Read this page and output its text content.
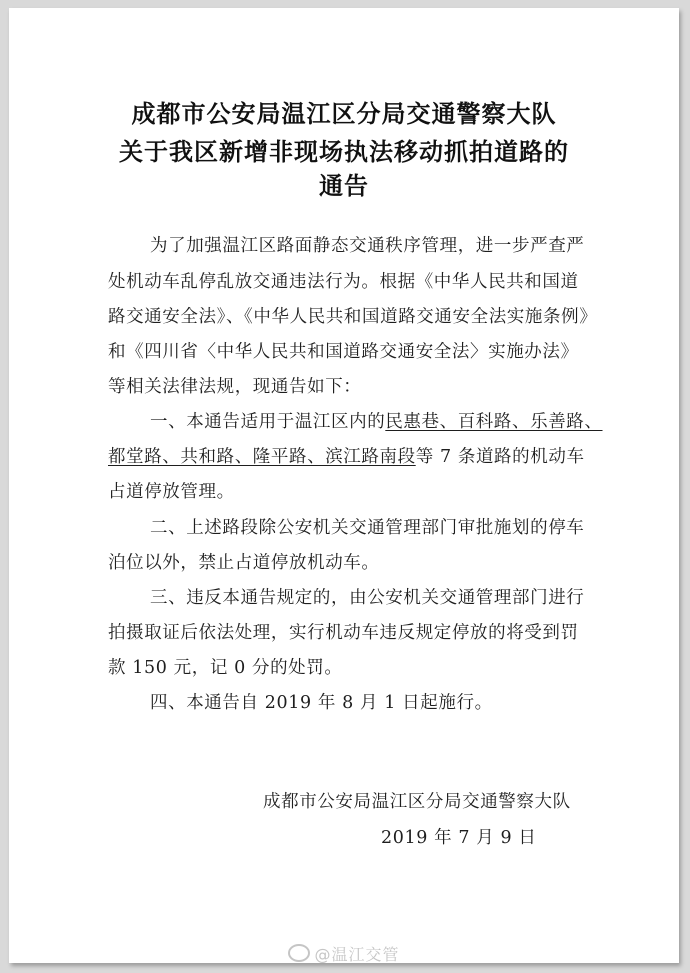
成都市公安局温江区分局交通警察大队
关于我区新增非现场执法移动抓拍道路的
通告
为了加强温江区路面静态交通秩序管理，进一步严查严
处机动车乱停乱放交通违法行为。根据《中华人民共和国道
路交通安全法》、《中华人民共和国道路交通安全法实施条例》
和《四川省〈中华人民共和国道路交通安全法〉实施办法》
等相关法律法规，现通告如下：
一、本通告适用于温江区内的民惠巷、百科路、乐善路、
都堂路、共和路、隆平路、滨江路南段等 7 条道路的机动车
占道停放管理。
二、上述路段除公安机关交通管理部门审批施划的停车
泊位以外，禁止占道停放机动车。
三、违反本通告规定的，由公安机关交通管理部门进行
拍摄取证后依法处理，实行机动车违反规定停放的将受到罚
款 150 元，记 0 分的处罚。
四、本通告自 2019 年 8 月 1 日起施行。
成都市公安局温江区分局交通警察大队
2019 年 7 月 9 日
@温江交管
